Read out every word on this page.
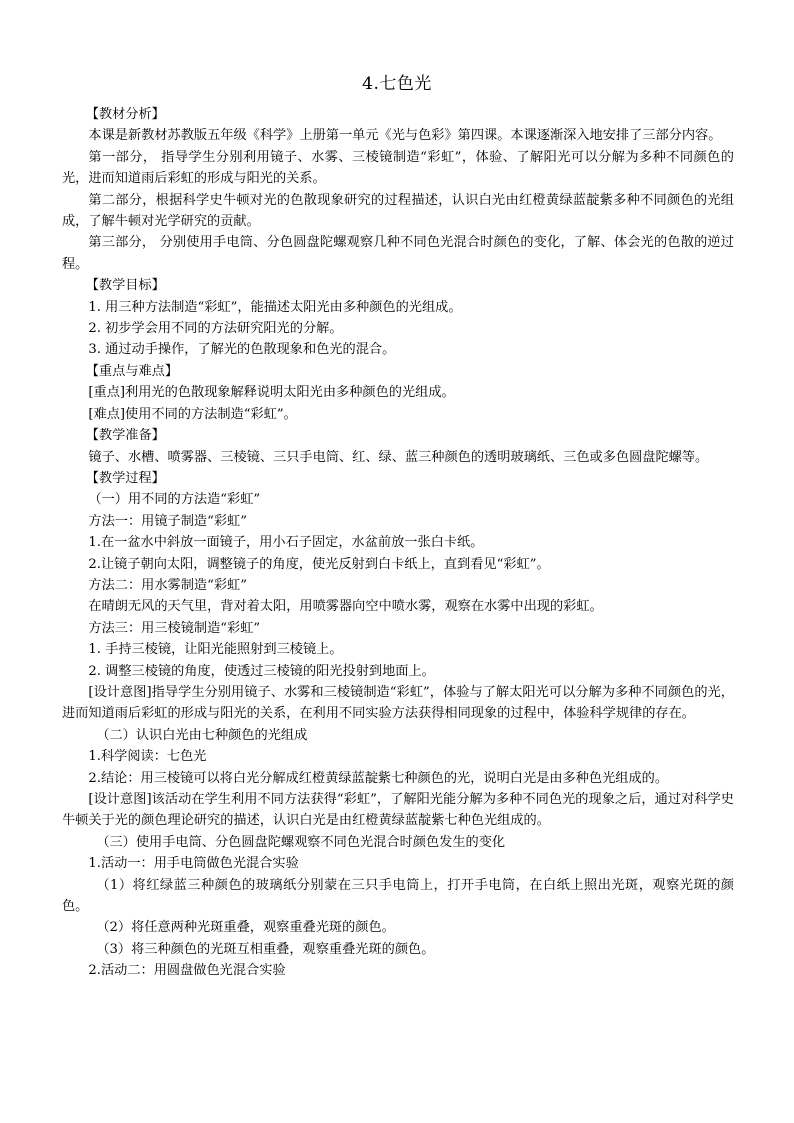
4.七色光

【教材分析】

本课是新教材苏教版五年级《科学》上册第一单元《光与色彩》第四课。本课逐渐深入地安排了三部分内容。

第一部分， 指导学生分别利用镜子、水雾、三棱镜制造“彩虹”，体验、了解阳光可以分解为多种不同颜色的光，进而知道雨后彩虹的形成与阳光的关系。

第二部分，根据科学史牛顿对光的色散现象研究的过程描述，认识白光由红橙黄绿蓝靛紫多种不同颜色的光组成，了解牛顿对光学研究的贡献。

第三部分， 分别使用手电筒、分色圆盘陀螺观察几种不同色光混合时颜色的变化，了解、体会光的色散的逆过程。

【教学目标】

1. 用三种方法制造“彩虹”，能描述太阳光由多种颜色的光组成。

2. 初步学会用不同的方法研究阳光的分解。

3. 通过动手操作，了解光的色散现象和色光的混合。

【重点与难点】

[重点]利用光的色散现象解释说明太阳光由多种颜色的光组成。

[难点]使用不同的方法制造“彩虹”。

【教学准备】

镜子、水槽、喷雾器、三棱镜、三只手电筒、红、绿、蓝三种颜色的透明玻璃纸、三色或多色圆盘陀螺等。

【教学过程】

（一）用不同的方法造“彩虹”

方法一：用镜子制造“彩虹”

1.在一盆水中斜放一面镜子，用小石子固定，水盆前放一张白卡纸。

2.让镜子朝向太阳，调整镜子的角度，使光反射到白卡纸上，直到看见“彩虹”。

方法二：用水雾制造“彩虹”

在晴朗无风的天气里，背对着太阳，用喷雾器向空中喷水雾，观察在水雾中出现的彩虹。

方法三：用三棱镜制造“彩虹”

1. 手持三棱镜，让阳光能照射到三棱镜上。

2. 调整三棱镜的角度，使透过三棱镜的阳光投射到地面上。

[设计意图]指导学生分别用镜子、水雾和三棱镜制造“彩虹”，体验与了解太阳光可以分解为多种不同颜色的光，进而知道雨后彩虹的形成与阳光的关系，在利用不同实验方法获得相同现象的过程中，体验科学规律的存在。

（二）认识白光由七种颜色的光组成

1.科学阅读：七色光

2.结论：用三棱镜可以将白光分解成红橙黄绿蓝靛紫七种颜色的光，说明白光是由多种色光组成的。

[设计意图]该活动在学生利用不同方法获得“彩虹”，了解阳光能分解为多种不同色光的现象之后，通过对科学史牛顿关于光的颜色理论研究的描述，认识白光是由红橙黄绿蓝靛紫七种色光组成的。

（三）使用手电筒、分色圆盘陀螺观察不同色光混合时颜色发生的变化

1.活动一：用手电筒做色光混合实验

（1）将红绿蓝三种颜色的玻璃纸分别蒙在三只手电筒上，打开手电筒，在白纸上照出光斑，观察光斑的颜色。

（2）将任意两种光斑重叠，观察重叠光斑的颜色。

（3）将三种颜色的光斑互相重叠，观察重叠光斑的颜色。

2.活动二：用圆盘做色光混合实验
